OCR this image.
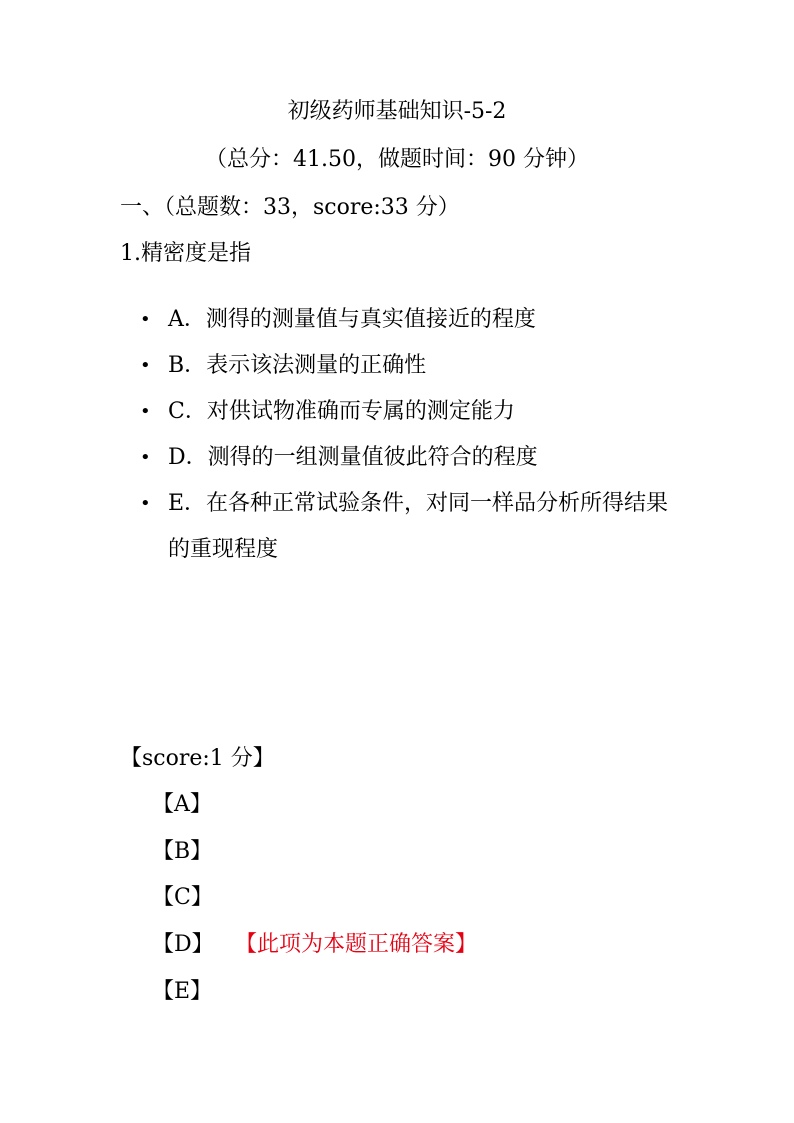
初级药师基础知识-5-2
（总分：41.50，做题时间：90 分钟）
一、（总题数：33，score:33 分）
1.精密度是指
• A．测得的测量值与真实值接近的程度
• B．表示该法测量的正确性
• C．对供试物准确而专属的测定能力
• D．测得的一组测量值彼此符合的程度
• E．在各种正常试验条件，对同一样品分析所得结果的重现程度
【score:1 分】
【A】
【B】
【C】
【D】 【此项为本题正确答案】
【E】
